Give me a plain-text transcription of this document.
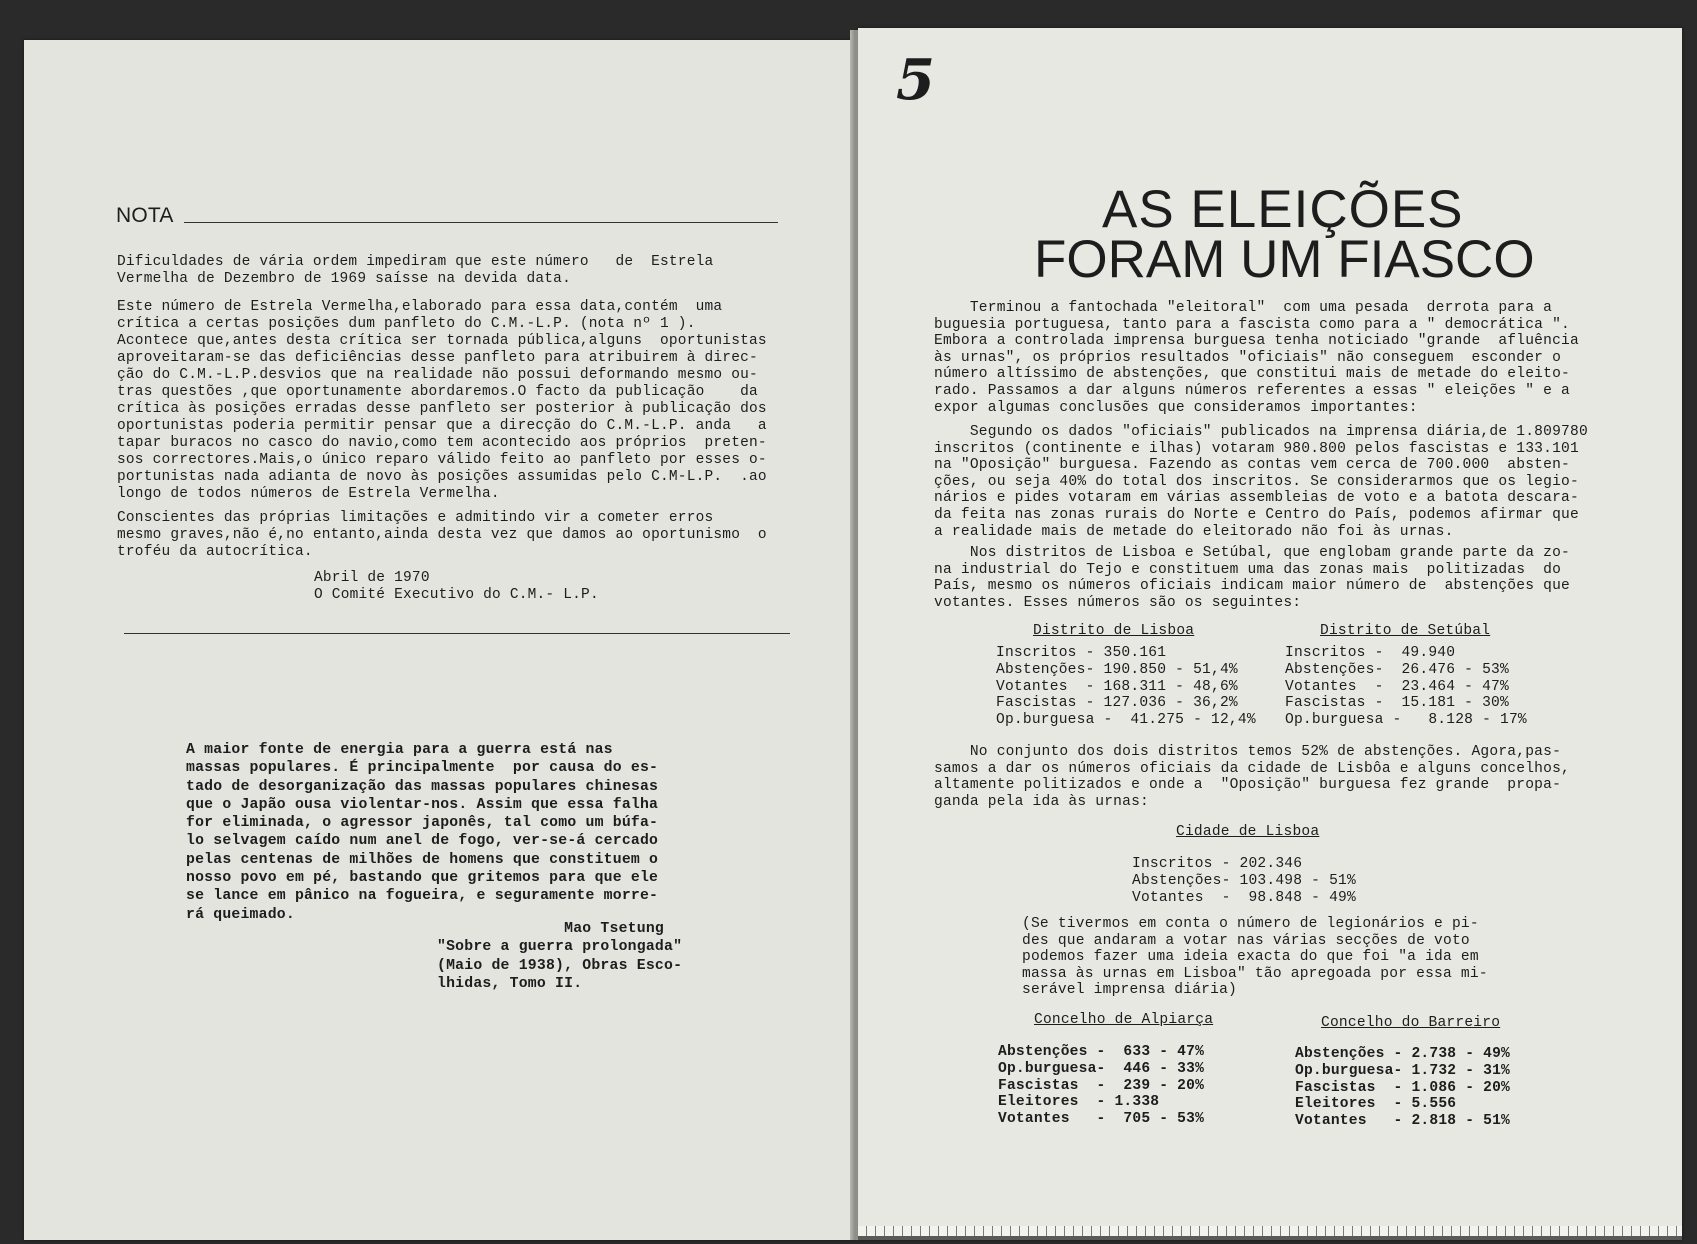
NOTA
Dificuldades de vária ordem impediram que este número   de  Estrela
Vermelha de Dezembro de 1969 saísse na devida data.
Este número de Estrela Vermelha,elaborado para essa data,contém  uma
crítica a certas posições dum panfleto do C.M.-L.P. (nota nº 1 ).
Acontece que,antes desta crítica ser tornada pública,alguns  oportunistas
aproveitaram-se das deficiências desse panfleto para atribuirem à direc-
ção do C.M.-L.P.desvios que na realidade não possui deformando mesmo ou-
tras questões ,que oportunamente abordaremos.O facto da publicação    da
crítica às posições erradas desse panfleto ser posterior à publicação dos
oportunistas poderia permitir pensar que a direcção do C.M.-L.P. anda   a
tapar buracos no casco do navio,como tem acontecido aos próprios  preten-
sos correctores.Mais,o único reparo válido feito ao panfleto por esses o-
portunistas nada adianta de novo às posições assumidas pelo C.M-L.P.  .ao
longo de todos números de Estrela Vermelha.
Conscientes das próprias limitações e admitindo vir a cometer erros
mesmo graves,não é,no entanto,ainda desta vez que damos ao oportunismo  o
troféu da autocrítica.
Abril de 1970
O Comité Executivo do C.M.- L.P.
A maior fonte de energia para a guerra está nas
massas populares. É principalmente  por causa do es-
tado de desorganização das massas populares chinesas
que o Japão ousa violentar-nos. Assim que essa falha
for eliminada, o agressor japonês, tal como um búfa-
lo selvagem caído num anel de fogo, ver-se-á cercado
pelas centenas de milhões de homens que constituem o
nosso povo em pé, bastando que gritemos para que ele
se lance em pânico na fogueira, e seguramente morre-
rá queimado.
Mao Tsetung
"Sobre a guerra prolongada"
(Maio de 1938), Obras Esco-
lhidas, Tomo II.
5
AS ELEIÇÕES
FORAM UM FIASCO
Terminou a fantochada "eleitoral"  com uma pesada  derrota para a
buguesia portuguesa, tanto para a fascista como para a " democrática ".
Embora a controlada imprensa burguesa tenha noticiado "grande  afluência
às urnas", os próprios resultados "oficiais" não conseguem  esconder o
número altíssimo de abstenções, que constitui mais de metade do eleito-
rado. Passamos a dar alguns números referentes a essas " eleições " e a
expor algumas conclusões que consideramos importantes:
Segundo os dados "oficiais" publicados na imprensa diária,de 1.809780
inscritos (continente e ilhas) votaram 980.800 pelos fascistas e 133.101
na "Oposição" burguesa. Fazendo as contas vem cerca de 700.000  absten-
ções, ou seja 40% do total dos inscritos. Se considerarmos que os legio-
nários e pides votaram em várias assembleias de voto e a batota descara-
da feita nas zonas rurais do Norte e Centro do País, podemos afirmar que
a realidade mais de metade do eleitorado não foi às urnas.
Nos distritos de Lisboa e Setúbal, que englobam grande parte da zo-
na industrial do Tejo e constituem uma das zonas mais  politizadas  do
País, mesmo os números oficiais indicam maior número de  abstenções que
votantes. Esses números são os seguintes:
Distrito de Lisboa	Distrito de Setúbal
Inscritos - 350.161
Abstenções- 190.850 - 51,4%
Votantes  - 168.311 - 48,6%
Fascistas - 127.036 - 36,2%
Op.burguesa -  41.275 - 12,4%
Inscritos -  49.940
Abstenções-  26.476 - 53%
Votantes  -  23.464 - 47%
Fascistas -  15.181 - 30%
Op.burguesa -   8.128 - 17%
No conjunto dos dois distritos temos 52% de abstenções. Agora,pas-
samos a dar os números oficiais da cidade de Lisbôa e alguns concelhos,
altamente politizados e onde a  "Oposição" burguesa fez grande  propa-
ganda pela ida às urnas:
Cidade de Lisboa
Inscritos - 202.346
Abstenções- 103.498 - 51%
Votantes  -  98.848 - 49%
(Se tivermos em conta o número de legionários e pi-
des que andaram a votar nas várias secções de voto
podemos fazer uma ideia exacta do que foi "a ida em
massa às urnas em Lisboa" tão apregoada por essa mi-
serável imprensa diária)
Concelho de Alpiarça	Concelho do Barreiro
Abstenções -  633 - 47%
Op.burguesa-  446 - 33%
Fascistas  -  239 - 20%
Eleitores  - 1.338
Votantes   -  705 - 53%
Abstenções - 2.738 - 49%
Op.burguesa- 1.732 - 31%
Fascistas  - 1.086 - 20%
Eleitores  - 5.556
Votantes   - 2.818 - 51%
